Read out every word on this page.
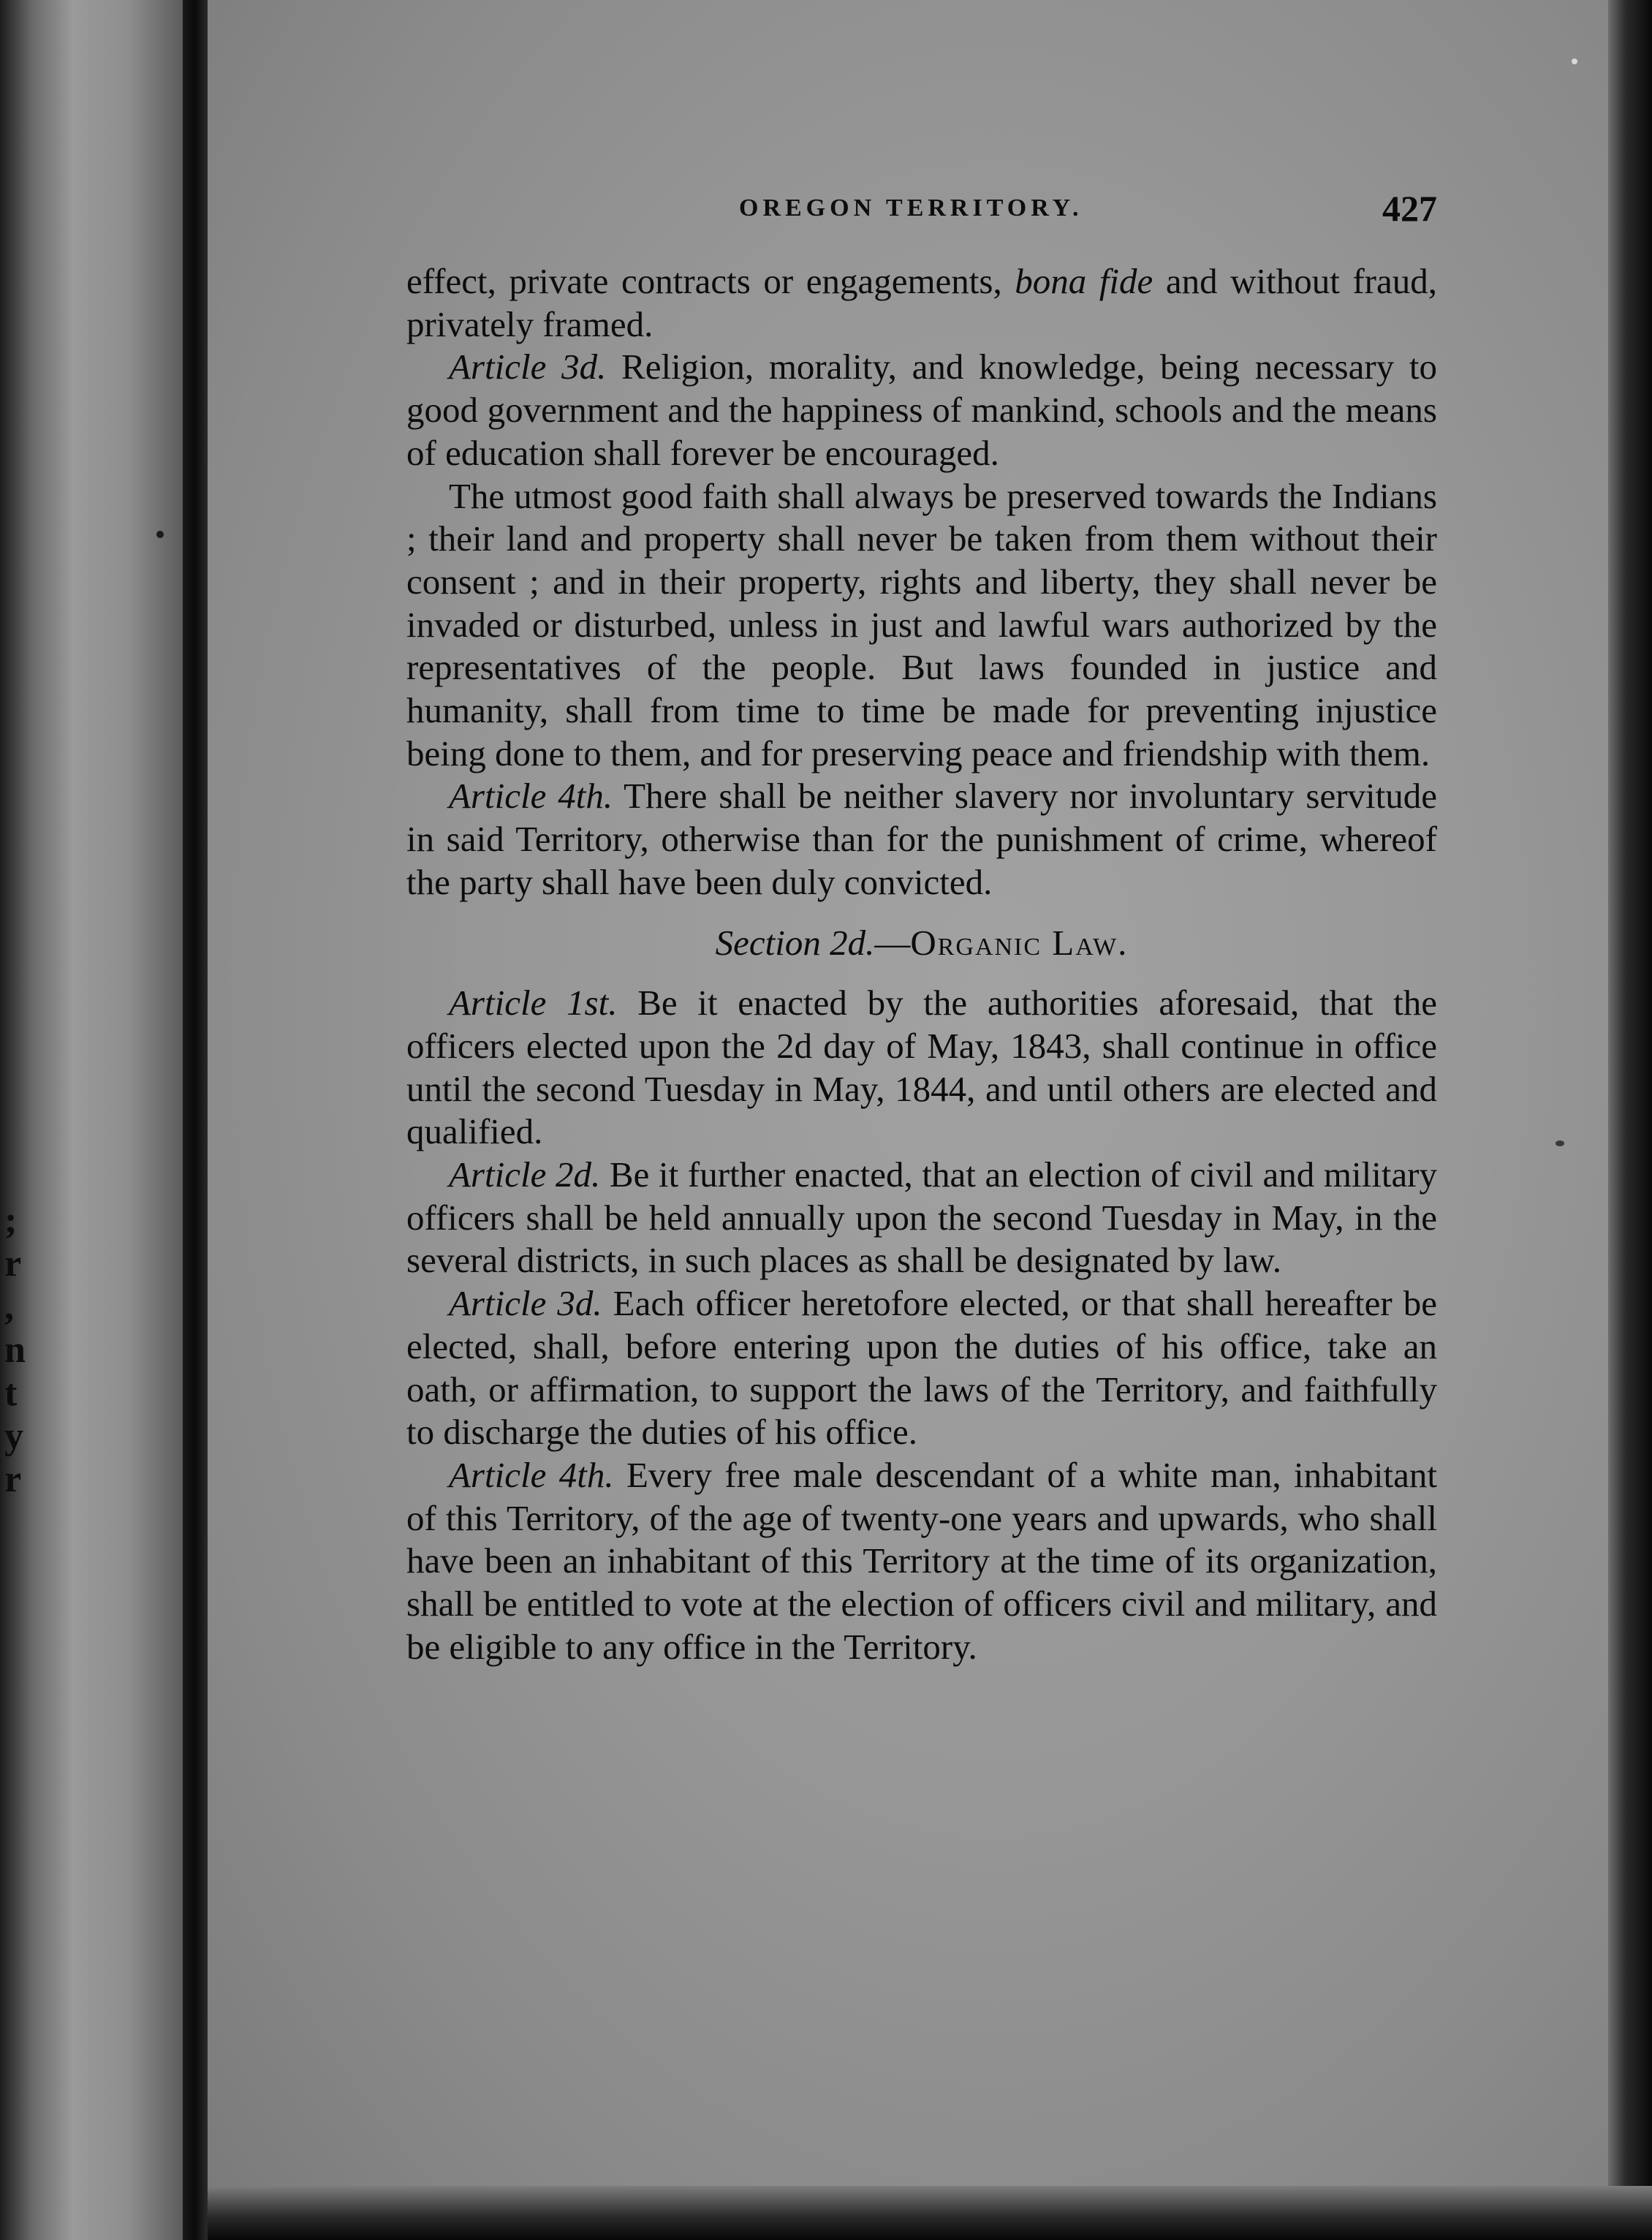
;
r
,
n
t
y
r
OREGON TERRITORY.	427

effect, private contracts or engagements, bona fide and without fraud, privately framed.

Article 3d. Religion, morality, and knowledge, being necessary to good government and the happiness of mankind, schools and the means of education shall forever be encouraged.

The utmost good faith shall always be preserved towards the Indians ; their land and property shall never be taken from them without their consent ; and in their property, rights and liberty, they shall never be invaded or disturbed, unless in just and lawful wars authorized by the representatives of the people. But laws founded in justice and humanity, shall from time to time be made for preventing injustice being done to them, and for preserving peace and friendship with them.

Article 4th. There shall be neither slavery nor involuntary servitude in said Territory, otherwise than for the punishment of crime, whereof the party shall have been duly convicted.

Section 2d.—Organic Law.

Article 1st. Be it enacted by the authorities aforesaid, that the officers elected upon the 2d day of May, 1843, shall continue in office until the second Tuesday in May, 1844, and until others are elected and qualified.

Article 2d. Be it further enacted, that an election of civil and military officers shall be held annually upon the second Tuesday in May, in the several districts, in such places as shall be designated by law.

Article 3d. Each officer heretofore elected, or that shall hereafter be elected, shall, before entering upon the duties of his office, take an oath, or affirmation, to support the laws of the Territory, and faithfully to discharge the duties of his office.

Article 4th. Every free male descendant of a white man, inhabitant of this Territory, of the age of twenty-one years and upwards, who shall have been an inhabitant of this Territory at the time of its organization, shall be entitled to vote at the election of officers civil and military, and be eligible to any office in the Territory.
